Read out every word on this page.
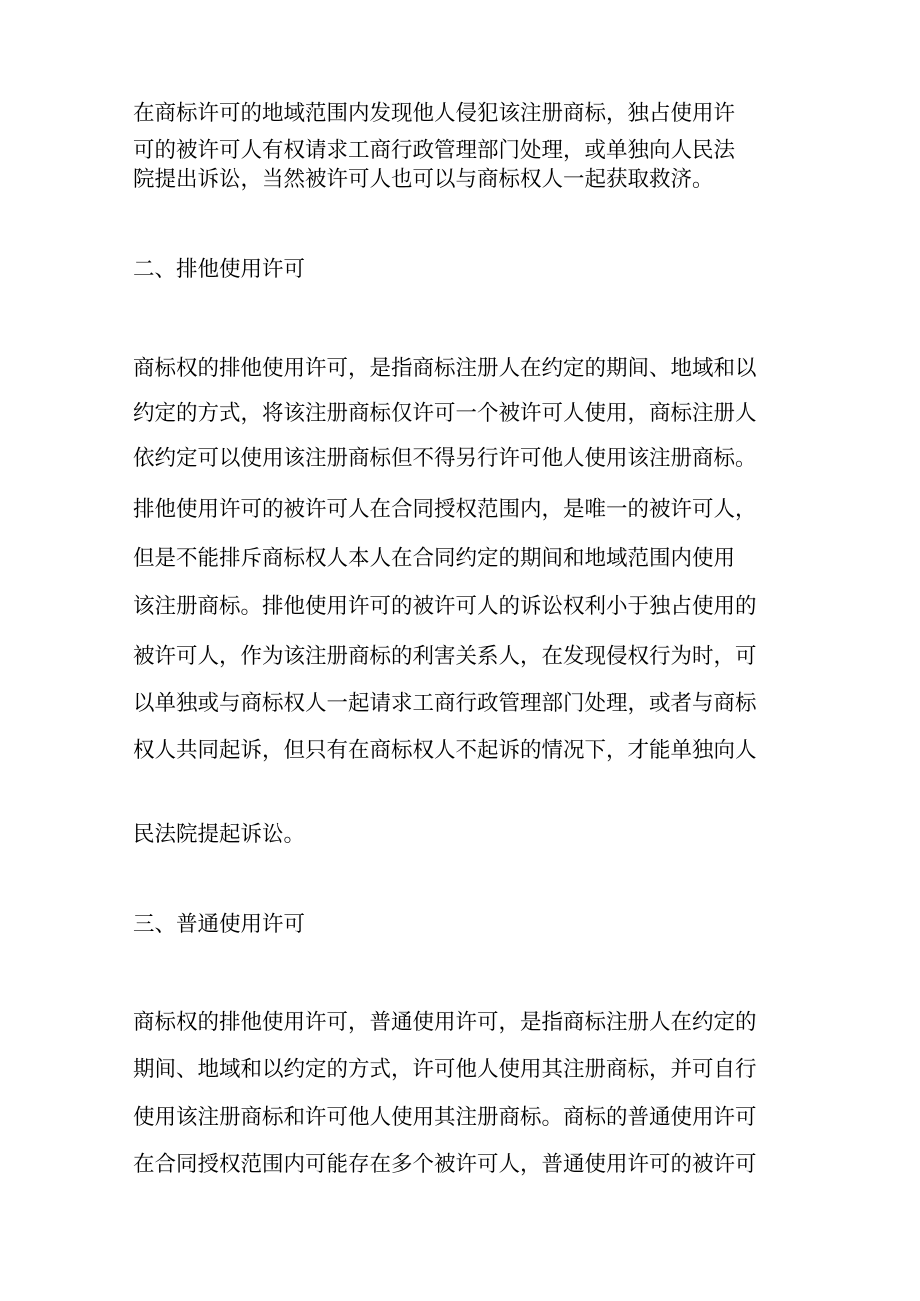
在商标许可的地域范围内发现他人侵犯该注册商标，独占使用许
可的被许可人有权请求工商行政管理部门处理，或单独向人民法
院提出诉讼，当然被许可人也可以与商标权人一起获取救济。
二、排他使用许可
商标权的排他使用许可，是指商标注册人在约定的期间、地域和以
约定的方式，将该注册商标仅许可一个被许可人使用，商标注册人
依约定可以使用该注册商标但不得另行许可他人使用该注册商标。
排他使用许可的被许可人在合同授权范围内，是唯一的被许可人，
但是不能排斥商标权人本人在合同约定的期间和地域范围内使用
该注册商标。排他使用许可的被许可人的诉讼权利小于独占使用的
被许可人，作为该注册商标的利害关系人，在发现侵权行为时，可
以单独或与商标权人一起请求工商行政管理部门处理，或者与商标
权人共同起诉，但只有在商标权人不起诉的情况下，才能单独向人
民法院提起诉讼。
三、普通使用许可
商标权的排他使用许可，普通使用许可，是指商标注册人在约定的
期间、地域和以约定的方式，许可他人使用其注册商标，并可自行
使用该注册商标和许可他人使用其注册商标。商标的普通使用许可
在合同授权范围内可能存在多个被许可人，普通使用许可的被许可
